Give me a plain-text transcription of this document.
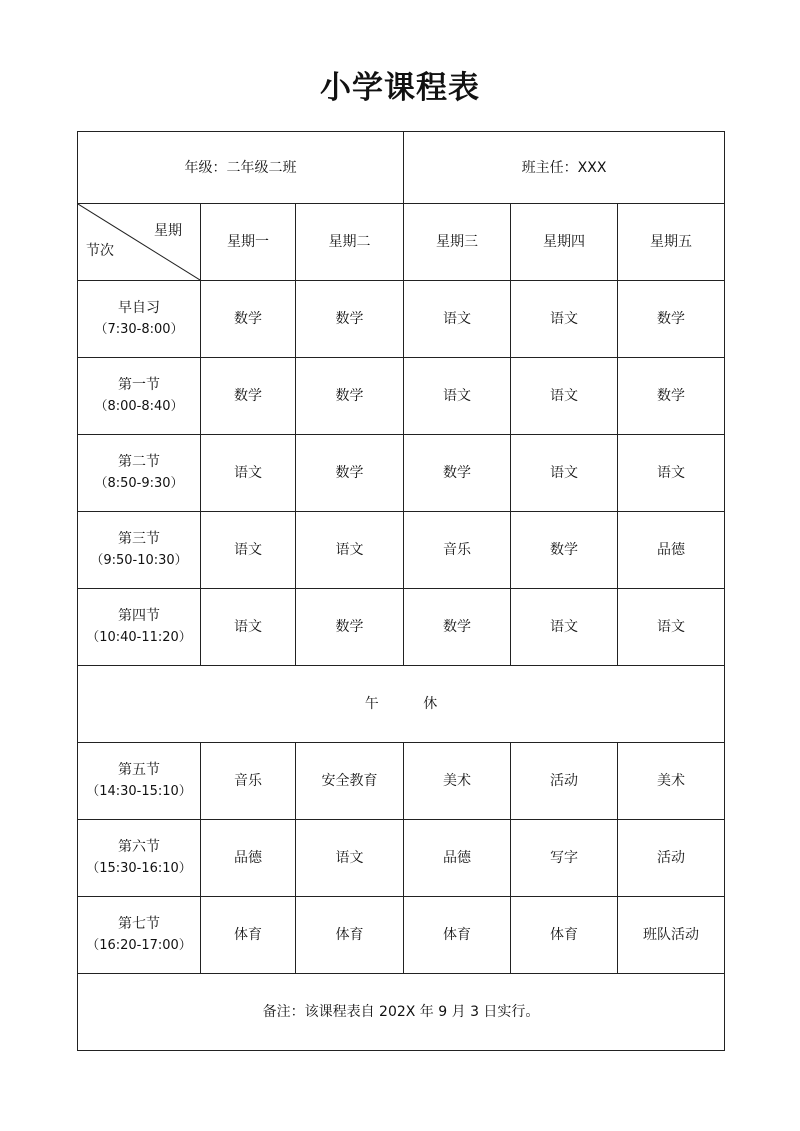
小学课程表
年级：二年级二班			班主任：XXX		

星期
节次	星期一	星期二	星期三	星期四	星期五

早自习
（7:30-8:00）	数学	数学	语文	语文	数学

第一节
（8:00-8:40）	数学	数学	语文	语文	数学

第二节
（8:50-9:30）	语文	数学	数学	语文	语文

第三节
（9:50-10:30）	语文	语文	音乐	数学	品德

第四节
（10:40-11:20）	语文	数学	数学	语文	语文
午 休					

第五节
（14:30-15:10）	音乐	安全教育	美术	活动	美术

第六节
（15:30-16:10）	品德	语文	品德	写字	活动

第七节
（16:20-17:00）	体育	体育	体育	体育	班队活动
备注：该课程表自 202X 年 9 月 3 日实行。					
